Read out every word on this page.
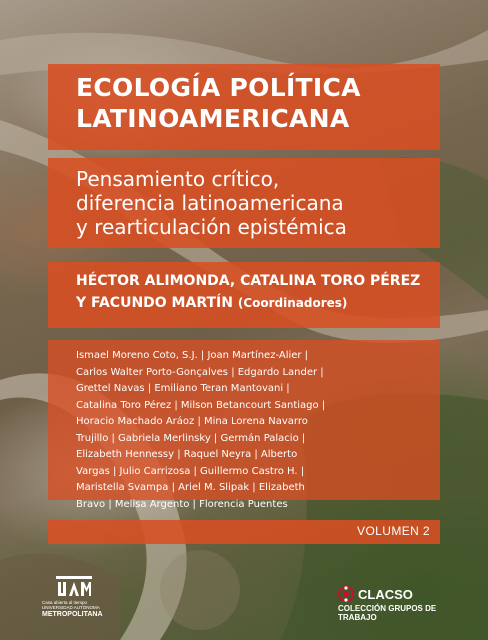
ECOLOGÍA POLÍTICA
LATINOAMERICANA

Pensamiento crítico,
diferencia latinoamericana
y rearticulación epistémica

HÉCTOR ALIMONDA, CATALINA TORO PÉREZ
Y FACUNDO MARTÍN (Coordinadores)

Ismael Moreno Coto, S.J. | Joan Martínez-Alier |
Carlos Walter Porto-Gonçalves | Edgardo Lander |
Grettel Navas | Emiliano Teran Mantovani |
Catalina Toro Pérez | Milson Betancourt Santiago |
Horacio Machado Aráoz | Mina Lorena Navarro
Trujillo | Gabriela Merlinsky | Germán Palacio |
Elizabeth Hennessy | Raquel Neyra | Alberto
Vargas | Julio Carrizosa | Guillermo Castro H. |
Maristella Svampa | Ariel M. Slipak | Elizabeth
Bravo | Melisa Argento | Florencia Puentes

VOLUMEN 2

Casa abierta al tiempo
UNIVERSIDAD AUTÓNOMA
METROPOLITANA
CLACSO
COLECCIÓN GRUPOS DE TRABAJO
